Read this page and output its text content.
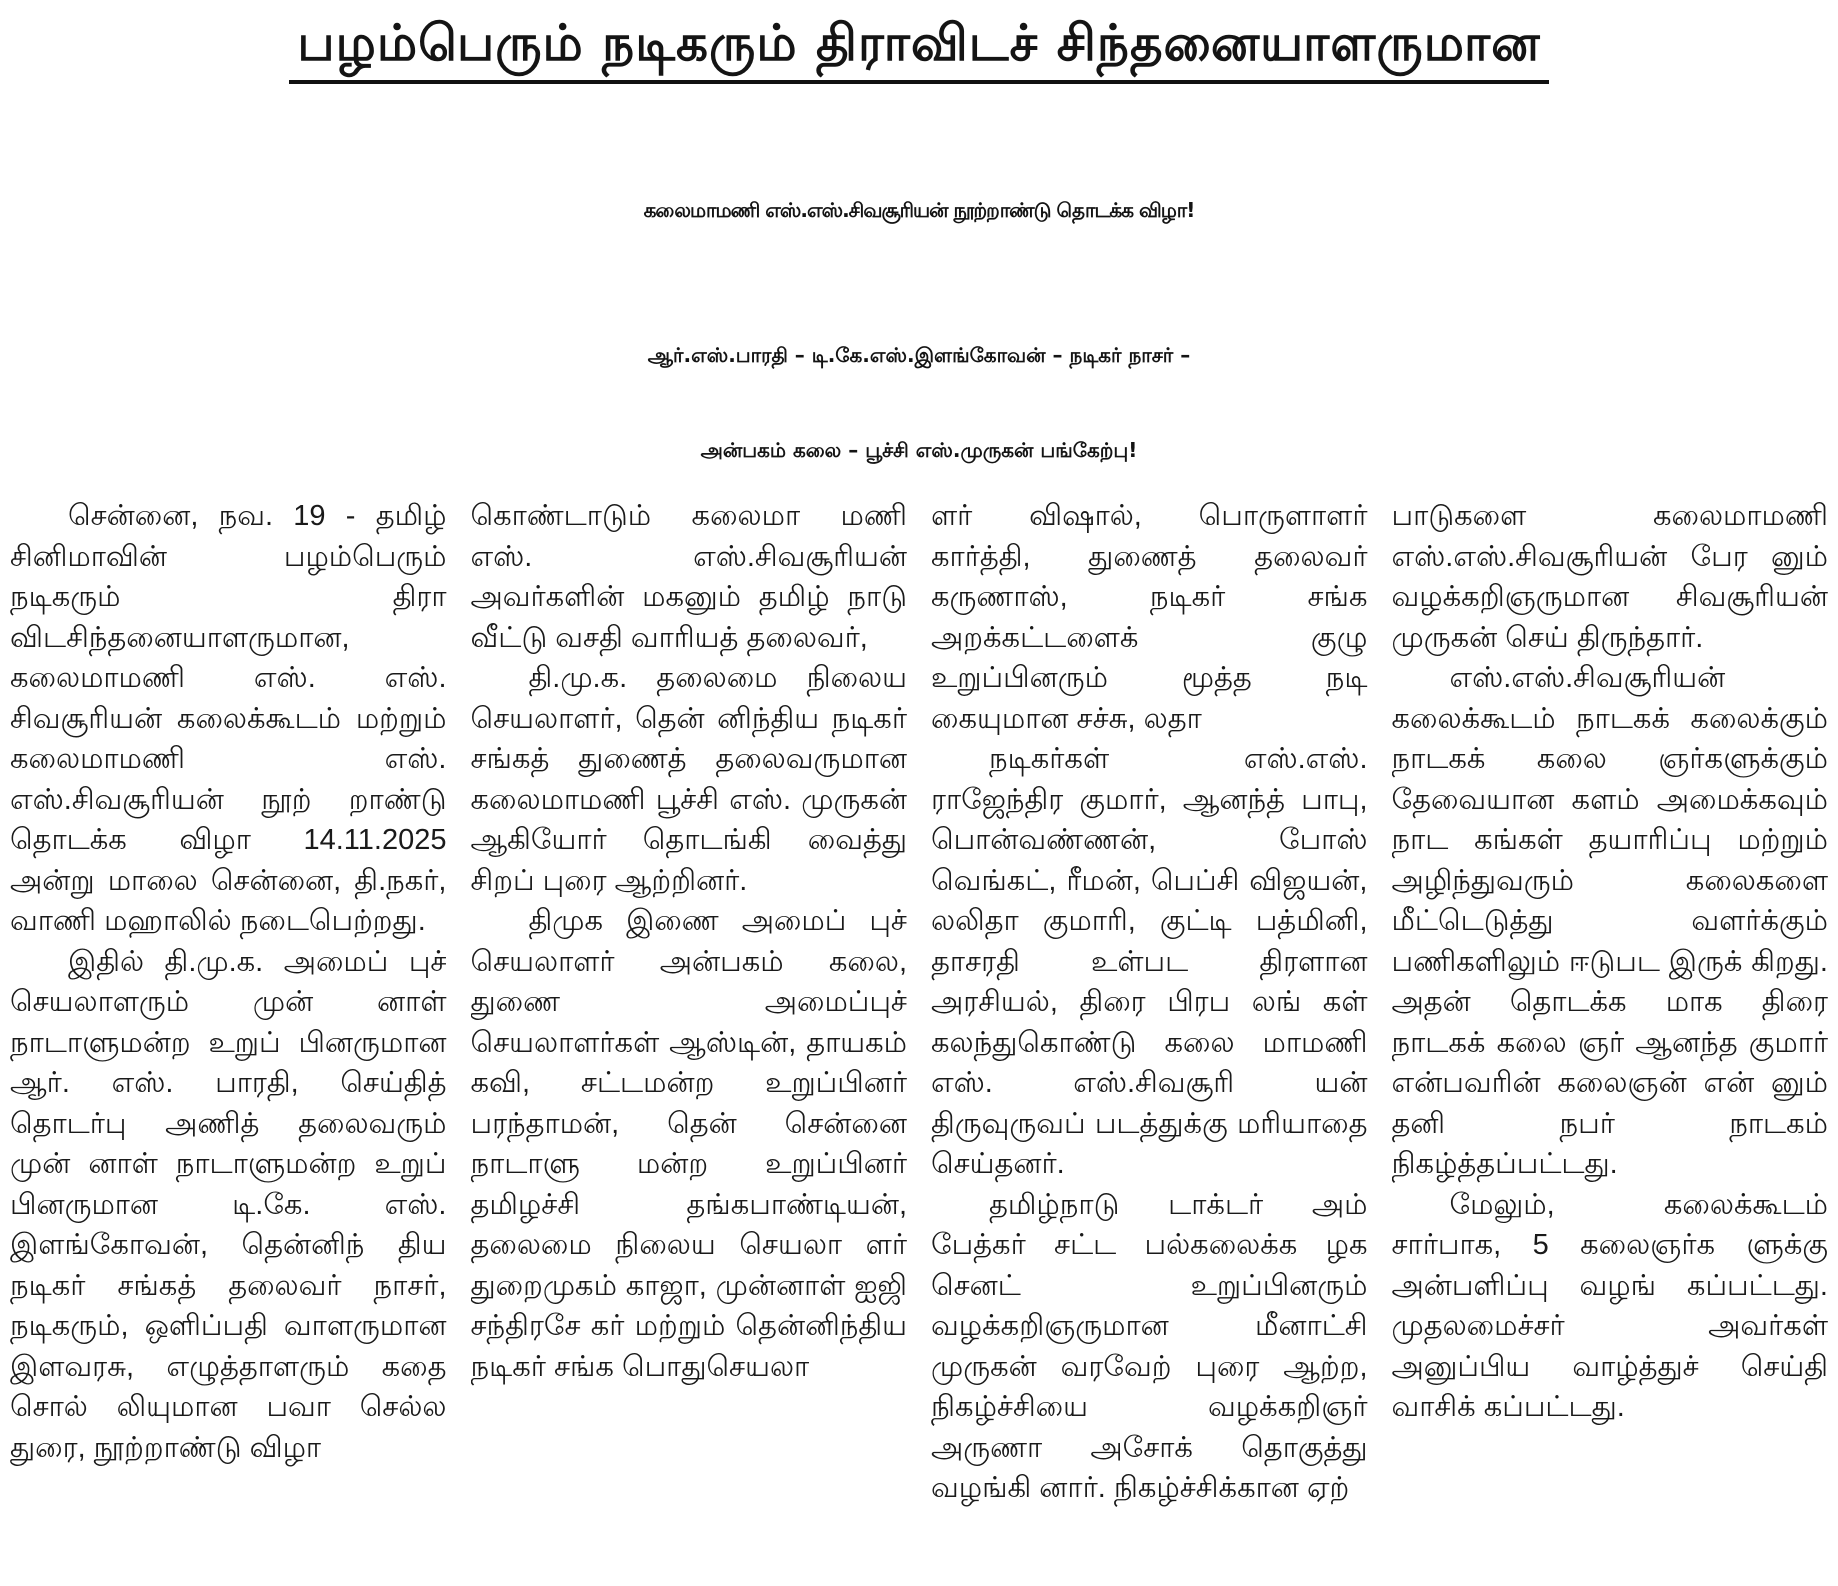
பழம்பெரும் நடிகரும் திராவிடச் சிந்தனையாளருமான
கலைமாமணி எஸ்.எஸ்.சிவசூரியன் நூற்றாண்டு தொடக்க விழா!
ஆர்.எஸ்.பாரதி – டி.கே.எஸ்.இளங்கோவன் – நடிகர் நாசர் –
அன்பகம் கலை – பூச்சி எஸ்.முருகன் பங்கேற்பு!

சென்னை, நவ. 19 - தமிழ் சினிமாவின் பழம்பெரும் நடிகரும் திரா விடசிந்தனையாளருமான, கலைமாமணி எஸ். எஸ். சிவசூரியன் கலைக்கூடம் மற்றும் கலைமாமணி எஸ். எஸ்.சிவசூரியன் நூற் றாண்டு தொடக்க விழா 14.11.2025 அன்று மாலை சென்னை, தி.நகர், வாணி மஹாலில் நடைபெற்றது.

இதில் தி.மு.க. அமைப் புச் செயலாளரும் முன் னாள் நாடாளுமன்ற உறுப் பினருமான ஆர். எஸ். பாரதி, செய்தித் தொடர்பு அணித் தலைவரும் முன் னாள் நாடாளுமன்ற உறுப் பினருமான டி.கே. எஸ். இளங்கோவன், தென்னிந் திய நடிகர் சங்கத் தலைவர் நாசர், நடிகரும், ஒளிப்பதி வாளருமான இளவரசு, எழுத்தாளரும் கதை சொல் லியுமான பவா செல்ல துரை, நூற்றாண்டு விழா

கொண்டாடும் கலைமா மணி எஸ். எஸ்.சிவசூரியன் அவர்களின் மகனும் தமிழ் நாடு வீட்டு வசதி வாரியத் தலைவர்,

தி.மு.க. தலைமை நிலைய செயலாளர், தென் னிந்திய நடிகர் சங்கத் துணைத் தலைவருமான கலைமாமணி பூச்சி எஸ். முருகன் ஆகியோர் தொடங்கி வைத்து சிறப் புரை ஆற்றினர்.

திமுக இணை அமைப் புச் செயலாளர் அன்பகம் கலை, துணை அமைப்புச் செயலாளர்கள் ஆஸ்டின், தாயகம் கவி, சட்டமன்ற உறுப்பினர் பரந்தாமன், தென் சென்னை நாடாளு மன்ற உறுப்பினர் தமிழச்சி தங்கபாண்டியன், தலைமை நிலைய செயலா ளர் துறைமுகம் காஜா, முன்னாள் ஐஜி சந்திரசே கர் மற்றும் தென்னிந்திய நடிகர் சங்க பொதுசெயலா

ளர் விஷால், பொருளாளர் கார்த்தி, துணைத் தலைவர் கருணாஸ், நடிகர் சங்க அறக்கட்டளைக் குழு உறுப்பினரும் மூத்த நடி கையுமான சச்சு, லதா

நடிகர்கள் எஸ்.எஸ். ராஜேந்திர குமார், ஆனந்த் பாபு, பொன்வண்ணன், போஸ் வெங்கட், ரீமன், பெப்சி விஜயன், லலிதா குமாரி, குட்டி பத்மினி, தாசரதி உள்பட திரளான அரசியல், திரை பிரப லங் கள் கலந்துகொண்டு கலை மாமணி எஸ். எஸ்.சிவசூரி யன் திருவுருவப் படத்துக்கு மரியாதை செய்தனர்.

தமிழ்நாடு டாக்டர் அம் பேத்கர் சட்ட பல்கலைக்க ழக செனட் உறுப்பினரும் வழக்கறிஞருமான மீனாட்சி முருகன் வரவேற் புரை ஆற்ற, நிகழ்ச்சியை வழக்கறிஞர் அருணா அசோக் தொகுத்து வழங்கி னார். நிகழ்ச்சிக்கான ஏற்

பாடுகளை கலைமாமணி எஸ்.எஸ்.சிவசூரியன் பேர னும் வழக்கறிஞருமான சிவசூரியன் முருகன் செய் திருந்தார்.

எஸ்.எஸ்.சிவசூரியன் கலைக்கூடம் நாடகக் கலைக்கும் நாடகக் கலை ஞர்களுக்கும் தேவையான களம் அமைக்கவும் நாட கங்கள் தயாரிப்பு மற்றும் அழிந்துவரும் கலைகளை மீட்டெடுத்து வளர்க்கும் பணிகளிலும் ஈடுபட இருக் கிறது. அதன் தொடக்க மாக திரை நாடகக் கலை ஞர் ஆனந்த குமார் என்பவரின் கலைஞன் என் னும் தனி நபர் நாடகம் நிகழ்த்தப்பட்டது.

மேலும், கலைக்கூடம் சார்பாக, 5 கலைஞர்க ளுக்கு அன்பளிப்பு வழங் கப்பட்டது. முதலமைச்சர் அவர்கள் அனுப்பிய வாழ்த்துச் செய்தி வாசிக் கப்பட்டது.
